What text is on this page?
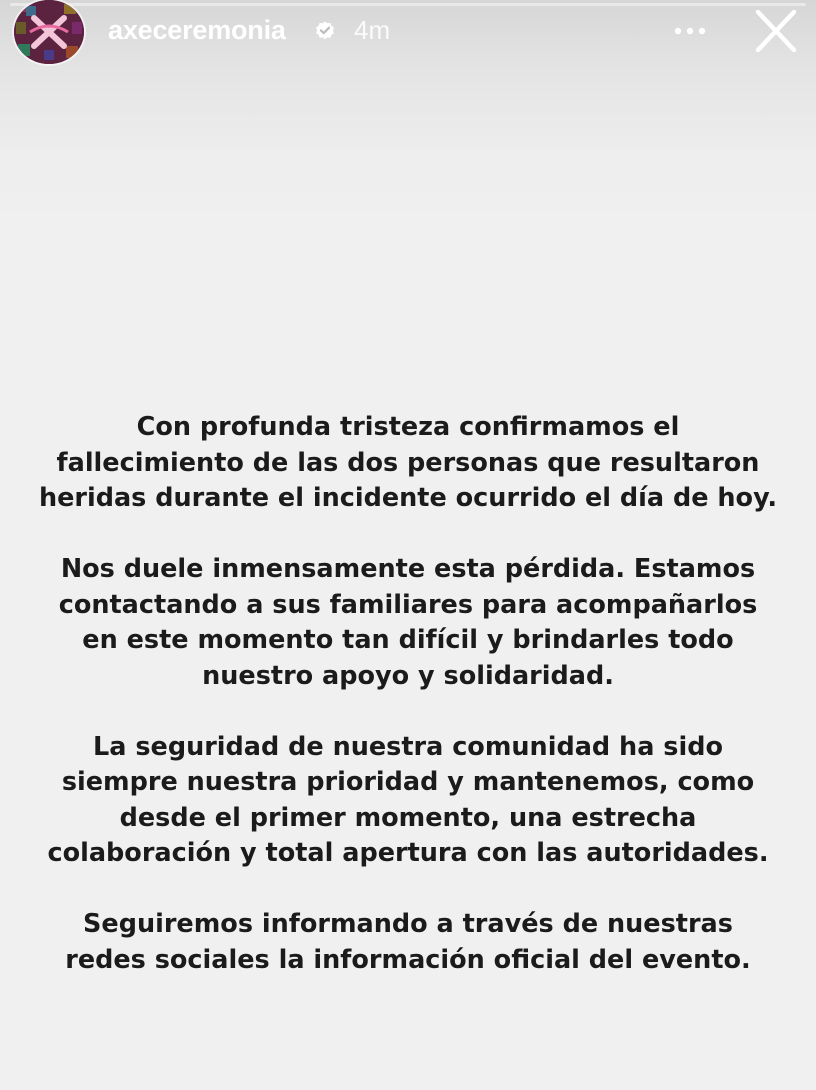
axeceremonia	4m

Con profunda tristeza confirmamos el
fallecimiento de las dos personas que resultaron
heridas durante el incidente ocurrido el día de hoy.

Nos duele inmensamente esta pérdida. Estamos
contactando a sus familiares para acompañarlos
en este momento tan difícil y brindarles todo
nuestro apoyo y solidaridad.

La seguridad de nuestra comunidad ha sido
siempre nuestra prioridad y mantenemos, como
desde el primer momento, una estrecha
colaboración y total apertura con las autoridades.

Seguiremos informando a través de nuestras
redes sociales la información oficial del evento.
